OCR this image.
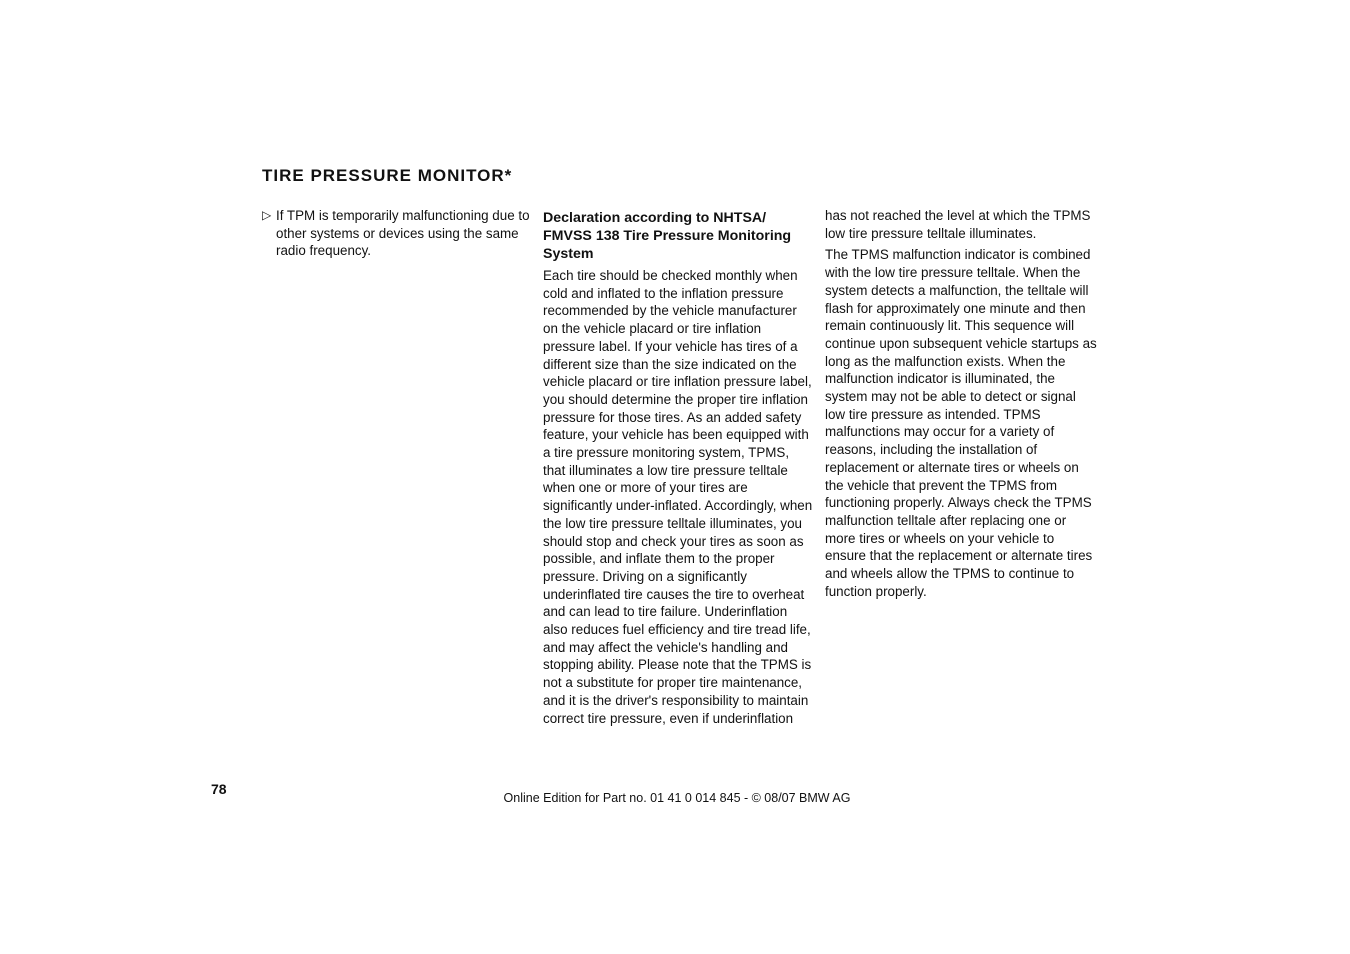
TIRE PRESSURE MONITOR*
▷ If TPM is temporarily malfunctioning due to other systems or devices using the same radio frequency.
Declaration according to NHTSA/ FMVSS 138 Tire Pressure Monitoring System

Each tire should be checked monthly when cold and inflated to the inflation pressure recommended by the vehicle manufacturer on the vehicle placard or tire inflation pressure label. If your vehicle has tires of a different size than the size indicated on the vehicle placard or tire inflation pressure label, you should determine the proper tire inflation pressure for those tires. As an added safety feature, your vehicle has been equipped with a tire pressure monitoring system, TPMS, that illuminates a low tire pressure telltale when one or more of your tires are significantly under-inflated. Accordingly, when the low tire pressure telltale illuminates, you should stop and check your tires as soon as possible, and inflate them to the proper pressure. Driving on a significantly underinflated tire causes the tire to overheat and can lead to tire failure. Underinflation also reduces fuel efficiency and tire tread life, and may affect the vehicle's handling and stopping ability. Please note that the TPMS is not a substitute for proper tire maintenance, and it is the driver's responsibility to maintain correct tire pressure, even if underinflation

has not reached the level at which the TPMS low tire pressure telltale illuminates.

The TPMS malfunction indicator is combined with the low tire pressure telltale. When the system detects a malfunction, the telltale will flash for approximately one minute and then remain continuously lit. This sequence will continue upon subsequent vehicle startups as long as the malfunction exists. When the malfunction indicator is illuminated, the system may not be able to detect or signal low tire pressure as intended. TPMS malfunctions may occur for a variety of reasons, including the installation of replacement or alternate tires or wheels on the vehicle that prevent the TPMS from functioning properly. Always check the TPMS malfunction telltale after replacing one or more tires or wheels on your vehicle to ensure that the replacement or alternate tires and wheels allow the TPMS to continue to function properly.

78
Online Edition for Part no. 01 41 0 014 845 - © 08/07 BMW AG
